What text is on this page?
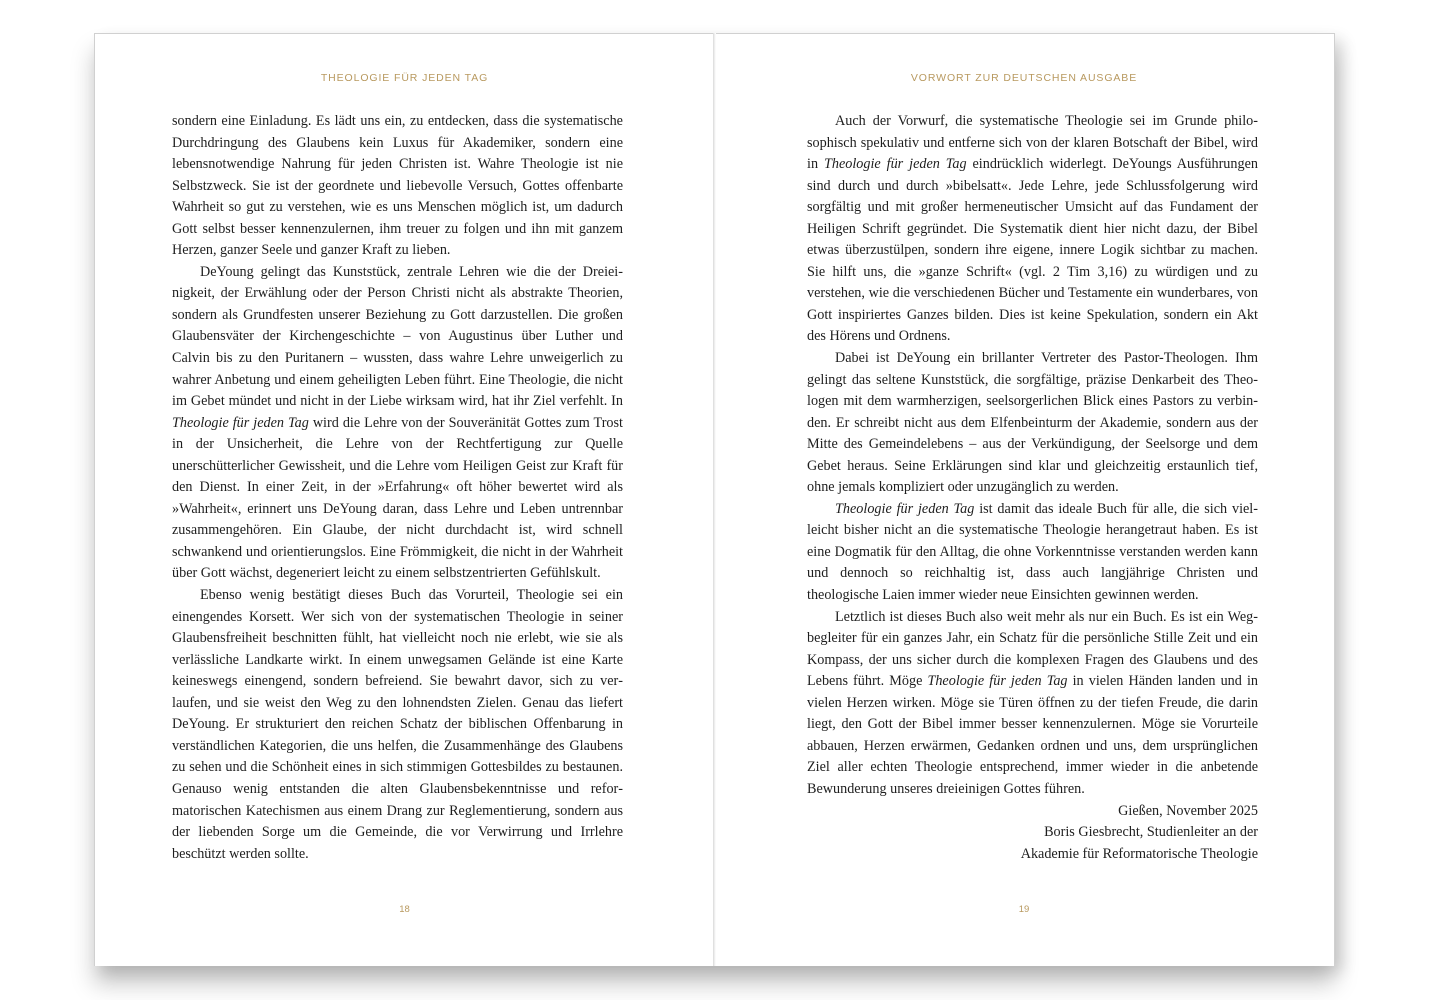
THEOLOGIE FÜR JEDEN TAG

sondern eine Einladung. Es lädt uns ein, zu entdecken, dass die systematische Durchdringung des Glaubens kein Luxus für Akademiker, sondern eine lebensnotwendige Nahrung für jeden Christen ist. Wahre Theologie ist nie Selbstzweck. Sie ist der geordnete und liebevolle Versuch, Gottes offenbarte Wahrheit so gut zu verstehen, wie es uns Menschen möglich ist, um dadurch Gott selbst besser kennenzulernen, ihm treuer zu folgen und ihn mit ganzem Herzen, ganzer Seele und ganzer Kraft zu lieben.

DeYoung gelingt das Kunststück, zentrale Lehren wie die der Dreieinigkeit, der Erwählung oder der Person Christi nicht als abstrakte Theorien, sondern als Grundfesten unserer Beziehung zu Gott darzustellen. Die großen Glaubensväter der Kirchengeschichte – von Augustinus über Luther und Calvin bis zu den Puritanern – wussten, dass wahre Lehre unweigerlich zu wahrer Anbetung und einem geheiligten Leben führt. Eine Theologie, die nicht im Gebet mündet und nicht in der Liebe wirksam wird, hat ihr Ziel verfehlt. In Theologie für jeden Tag wird die Lehre von der Souveränität Gottes zum Trost in der Unsicherheit, die Lehre von der Rechtfertigung zur Quelle unerschütterlicher Gewissheit, und die Lehre vom Heiligen Geist zur Kraft für den Dienst. In einer Zeit, in der »Erfahrung« oft höher bewertet wird als »Wahrheit«, erinnert uns DeYoung daran, dass Lehre und Leben untrennbar zusammengehören. Ein Glaube, der nicht durchdacht ist, wird schnell schwankend und orientierungslos. Eine Frömmigkeit, die nicht in der Wahrheit über Gott wächst, degeneriert leicht zu einem selbstzentrierten Gefühlskult.

Ebenso wenig bestätigt dieses Buch das Vorurteil, Theologie sei ein einengendes Korsett. Wer sich von der systematischen Theologie in seiner Glaubensfreiheit beschnitten fühlt, hat vielleicht noch nie erlebt, wie sie als verlässliche Landkarte wirkt. In einem unwegsamen Gelände ist eine Karte keineswegs einengend, sondern befreiend. Sie bewahrt davor, sich zu verlaufen, und sie weist den Weg zu den lohnendsten Zielen. Genau das liefert DeYoung. Er strukturiert den reichen Schatz der biblischen Offenbarung in verständlichen Kategorien, die uns helfen, die Zusammenhänge des Glaubens zu sehen und die Schönheit eines in sich stimmigen Gottesbildes zu bestaunen. Genauso wenig entstanden die alten Glaubensbekenntnisse und reformatorischen Katechismen aus einem Drang zur Reglementierung, sondern aus der liebenden Sorge um die Gemeinde, die vor Verwirrung und Irrlehre beschützt werden sollte.

18
VORWORT ZUR DEUTSCHEN AUSGABE

Auch der Vorwurf, die systematische Theologie sei im Grunde philosophisch spekulativ und entferne sich von der klaren Botschaft der Bibel, wird in Theologie für jeden Tag eindrücklich widerlegt. DeYoungs Ausführungen sind durch und durch »bibelsatt«. Jede Lehre, jede Schlussfolgerung wird sorgfältig und mit großer hermeneutischer Umsicht auf das Fundament der Heiligen Schrift gegründet. Die Systematik dient hier nicht dazu, der Bibel etwas überzustülpen, sondern ihre eigene, innere Logik sichtbar zu machen. Sie hilft uns, die »ganze Schrift« (vgl. 2 Tim 3,16) zu würdigen und zu verstehen, wie die verschiedenen Bücher und Testamente ein wunderbares, von Gott inspiriertes Ganzes bilden. Dies ist keine Spekulation, sondern ein Akt des Hörens und Ordnens.

Dabei ist DeYoung ein brillanter Vertreter des Pastor-Theologen. Ihm gelingt das seltene Kunststück, die sorgfältige, präzise Denkarbeit des Theologen mit dem warmherzigen, seelsorgerlichen Blick eines Pastors zu verbinden. Er schreibt nicht aus dem Elfenbeinturm der Akademie, sondern aus der Mitte des Gemeindelebens – aus der Verkündigung, der Seelsorge und dem Gebet heraus. Seine Erklärungen sind klar und gleichzeitig erstaunlich tief, ohne jemals kompliziert oder unzugänglich zu werden.

Theologie für jeden Tag ist damit das ideale Buch für alle, die sich vielleicht bisher nicht an die systematische Theologie herangetraut haben. Es ist eine Dogmatik für den Alltag, die ohne Vorkenntnisse verstanden werden kann und dennoch so reichhaltig ist, dass auch langjährige Christen und theologische Laien immer wieder neue Einsichten gewinnen werden.

Letztlich ist dieses Buch also weit mehr als nur ein Buch. Es ist ein Wegbegleiter für ein ganzes Jahr, ein Schatz für die persönliche Stille Zeit und ein Kompass, der uns sicher durch die komplexen Fragen des Glaubens und des Lebens führt. Möge Theologie für jeden Tag in vielen Händen landen und in vielen Herzen wirken. Möge sie Türen öffnen zu der tiefen Freude, die darin liegt, den Gott der Bibel immer besser kennenzulernen. Möge sie Vorurteile abbauen, Herzen erwärmen, Gedanken ordnen und uns, dem ursprünglichen Ziel aller echten Theologie entsprechend, immer wieder in die anbetende Bewunderung unseres dreieinigen Gottes führen.

Gießen, November 2025

Boris Giesbrecht, Studienleiter an der

Akademie für Reformatorische Theologie

19
